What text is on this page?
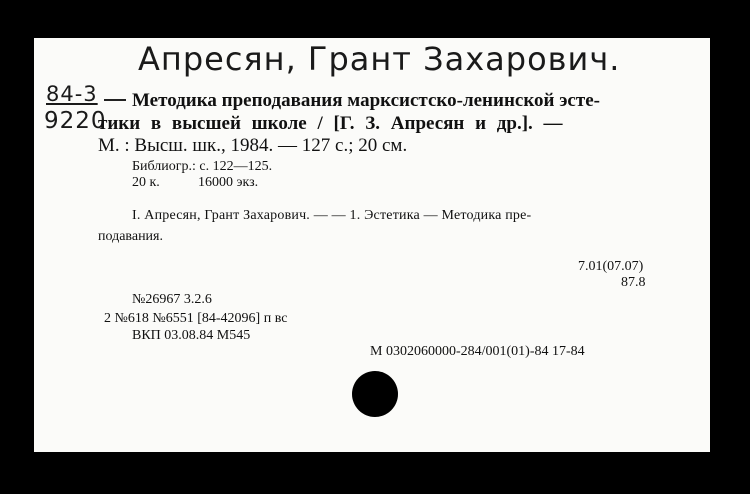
Апресян, Грант Захарович.
84-3
9220
Методика преподавания марксистско-ленинской эсте-
тики в высшей школе / [Г. З. Апресян и др.]. —
М. : Высш. шк., 1984. — 127 с.; 20 см.
Библиогр.: с. 122—125.
20 к.	16000 экз.
I. Апресян, Грант Захарович. — — 1. Эстетика — Методика пре-
подавания.
7.01(07.07)
87.8
№26967 3.2.6
2 №618 №6551 [84-42096] п вс
ВКП 03.08.84 М545
М 0302060000-284/001(01)-84 17-84
